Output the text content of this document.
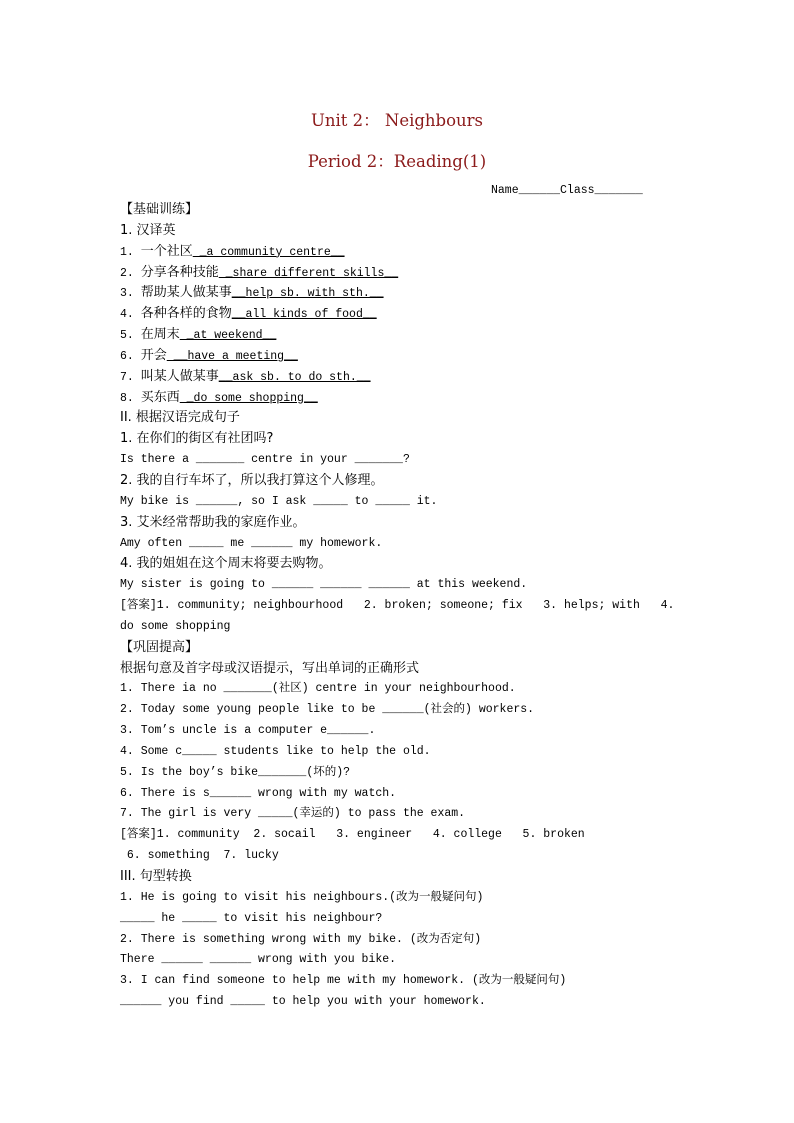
Unit 2： Neighbours
Period 2：Reading(1)
Name______Class_______
【基础训练】
1. 汉译英
1. 一个社区 _a community centre__
2. 分享各种技能 _share different skills__
3. 帮助某人做某事__help sb. with sth.__
4. 各种各样的食物__all kinds of food__
5. 在周末 _at weekend__
6. 开会 __have a meeting__
7. 叫某人做某事__ask sb. to do sth.__
8. 买东西 _do some shopping__
II. 根据汉语完成句子
1. 在你们的街区有社团吗?
Is there a _______ centre in your _______?
2. 我的自行车坏了，所以我打算这个人修理。
My bike is ______, so I ask _____ to _____ it.
3. 艾米经常帮助我的家庭作业。
Amy often _____ me ______ my homework.
4. 我的姐姐在这个周末将要去购物。
My sister is going to ______ ______ ______ at this weekend.
[答案]1. community; neighbourhood   2. broken; someone; fix   3. helps; with   4.
do some shopping
【巩固提高】
根据句意及首字母或汉语提示，写出单词的正确形式
1. There ia no _______(社区) centre in your neighbourhood.
2. Today some young people like to be ______(社会的) workers.
3. Tom’s uncle is a computer e______.
4. Some c_____ students like to help the old.
5. Is the boy’s bike_______(坏的)?
6. There is s______ wrong with my watch.
7. The girl is very _____(幸运的) to pass the exam.
[答案]1. community  2. socail   3. engineer   4. college   5. broken
6. something  7. lucky
III. 句型转换
1. He is going to visit his neighbours.(改为一般疑问句)
_____ he _____ to visit his neighbour?
2. There is something wrong with my bike. (改为否定句)
There ______ ______ wrong with you bike.
3. I can find someone to help me with my homework. (改为一般疑问句)
______ you find _____ to help you with your homework.
